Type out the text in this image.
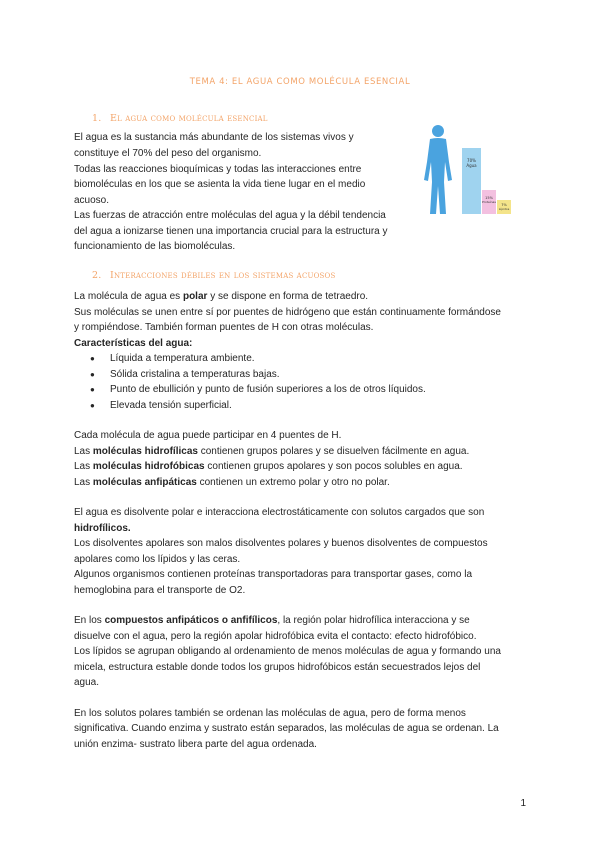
TEMA 4: EL AGUA COMO MOLÉCULA ESENCIAL
1. El agua como molécula esencial
El agua es la sustancia más abundante de los sistemas vivos y
constituye el 70% del peso del organismo.
Todas las reacciones bioquímicas y todas las interacciones entre
biomoléculas en los que se asienta la vida tiene lugar en el medio
acuoso.
Las fuerzas de atracción entre moléculas del agua y la débil tendencia
del agua a ionizarse tienen una importancia crucial para la estructura y
funcionamiento de las biomoléculas.
70%
Agua
15%
Proteínas
7%
Lípidos
2. Interacciones débiles en los sistemas acuosos
La molécula de agua es polar y se dispone en forma de tetraedro.
Sus moléculas se unen entre sí por puentes de hidrógeno que están continuamente formándose
y rompiéndose. También forman puentes de H con otras moléculas.
Características del agua:
● Líquida a temperatura ambiente.
● Sólida cristalina a temperaturas bajas.
● Punto de ebullición y punto de fusión superiores a los de otros líquidos.
● Elevada tensión superficial.
Cada molécula de agua puede participar en 4 puentes de H.
Las moléculas hidrofílicas contienen grupos polares y se disuelven fácilmente en agua.
Las moléculas hidrofóbicas contienen grupos apolares y son pocos solubles en agua.
Las moléculas anfipáticas contienen un extremo polar y otro no polar.
El agua es disolvente polar e interacciona electrostáticamente con solutos cargados que son
hidrofílicos.
Los disolventes apolares son malos disolventes polares y buenos disolventes de compuestos
apolares como los lípidos y las ceras.
Algunos organismos contienen proteínas transportadoras para transportar gases, como la
hemoglobina para el transporte de O2.
En los compuestos anfipáticos o anfifílicos, la región polar hidrofílica interacciona y se
disuelve con el agua, pero la región apolar hidrofóbica evita el contacto: efecto hidrofóbico.
Los lípidos se agrupan obligando al ordenamiento de menos moléculas de agua y formando una
micela, estructura estable donde todos los grupos hidrofóbicos están secuestrados lejos del
agua.
En los solutos polares también se ordenan las moléculas de agua, pero de forma menos
significativa. Cuando enzima y sustrato están separados, las moléculas de agua se ordenan. La
unión enzima- sustrato libera parte del agua ordenada.
1
